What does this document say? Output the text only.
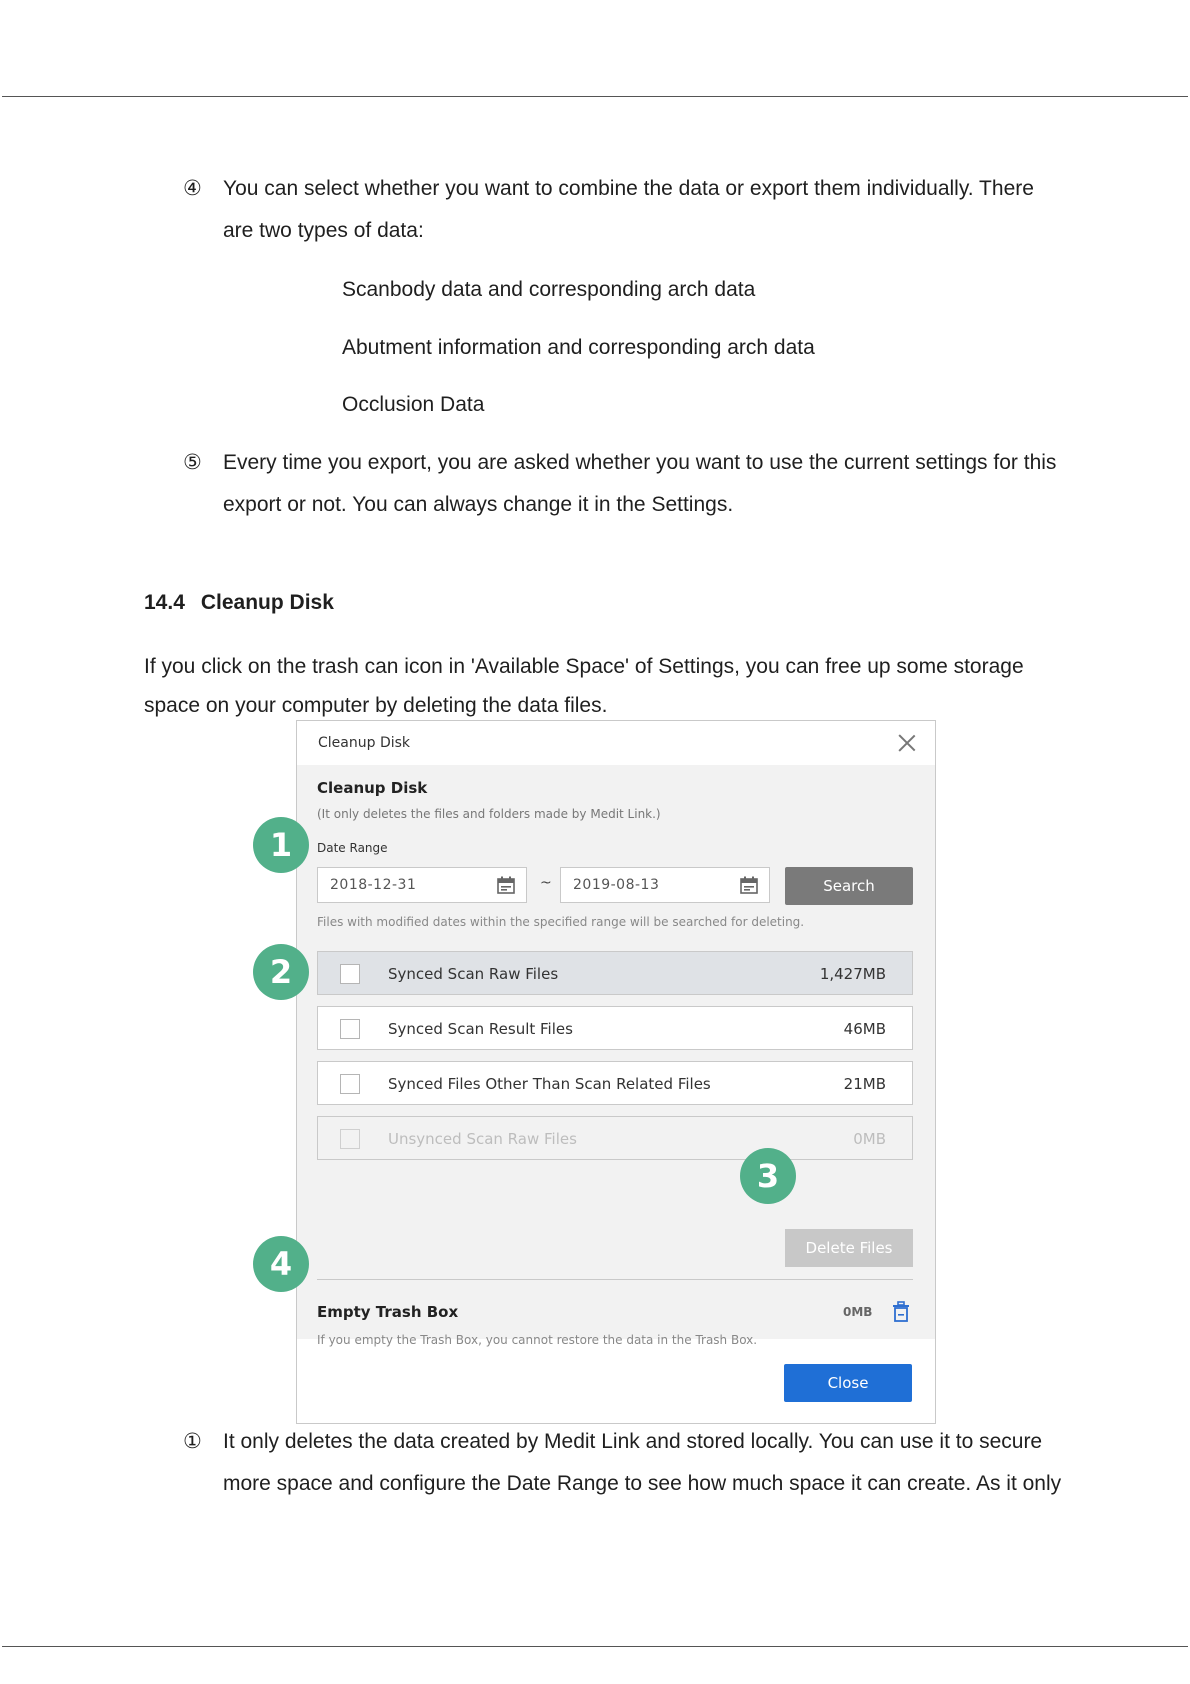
④ You can select whether you want to combine the data or export them individually. There
are two types of data:
Scanbody data and corresponding arch data
Abutment information and corresponding arch data
Occlusion Data
⑤ Every time you export, you are asked whether you want to use the current settings for this
export or not. You can always change it in the Settings.
14.4 Cleanup Disk
If you click on the trash can icon in 'Available Space' of Settings, you can free up some storage
space on your computer by deleting the data files.
Cleanup Disk
Cleanup Disk
(It only deletes the files and folders made by Medit Link.)
Date Range
2018-12-31	~ 2019-08-13	Search
Files with modified dates within the specified range will be searched for deleting.
Synced Scan Raw Files	1,427MB
Synced Scan Result Files	46MB
Synced Files Other Than Scan Related Files	21MB
Unsynced Scan Raw Files	0MB
Delete Files
Empty Trash Box	0MB
If you empty the Trash Box, you cannot restore the data in the Trash Box.
Close
1
2
3
4
① It only deletes the data created by Medit Link and stored locally. You can use it to secure
more space and configure the Date Range to see how much space it can create. As it only
